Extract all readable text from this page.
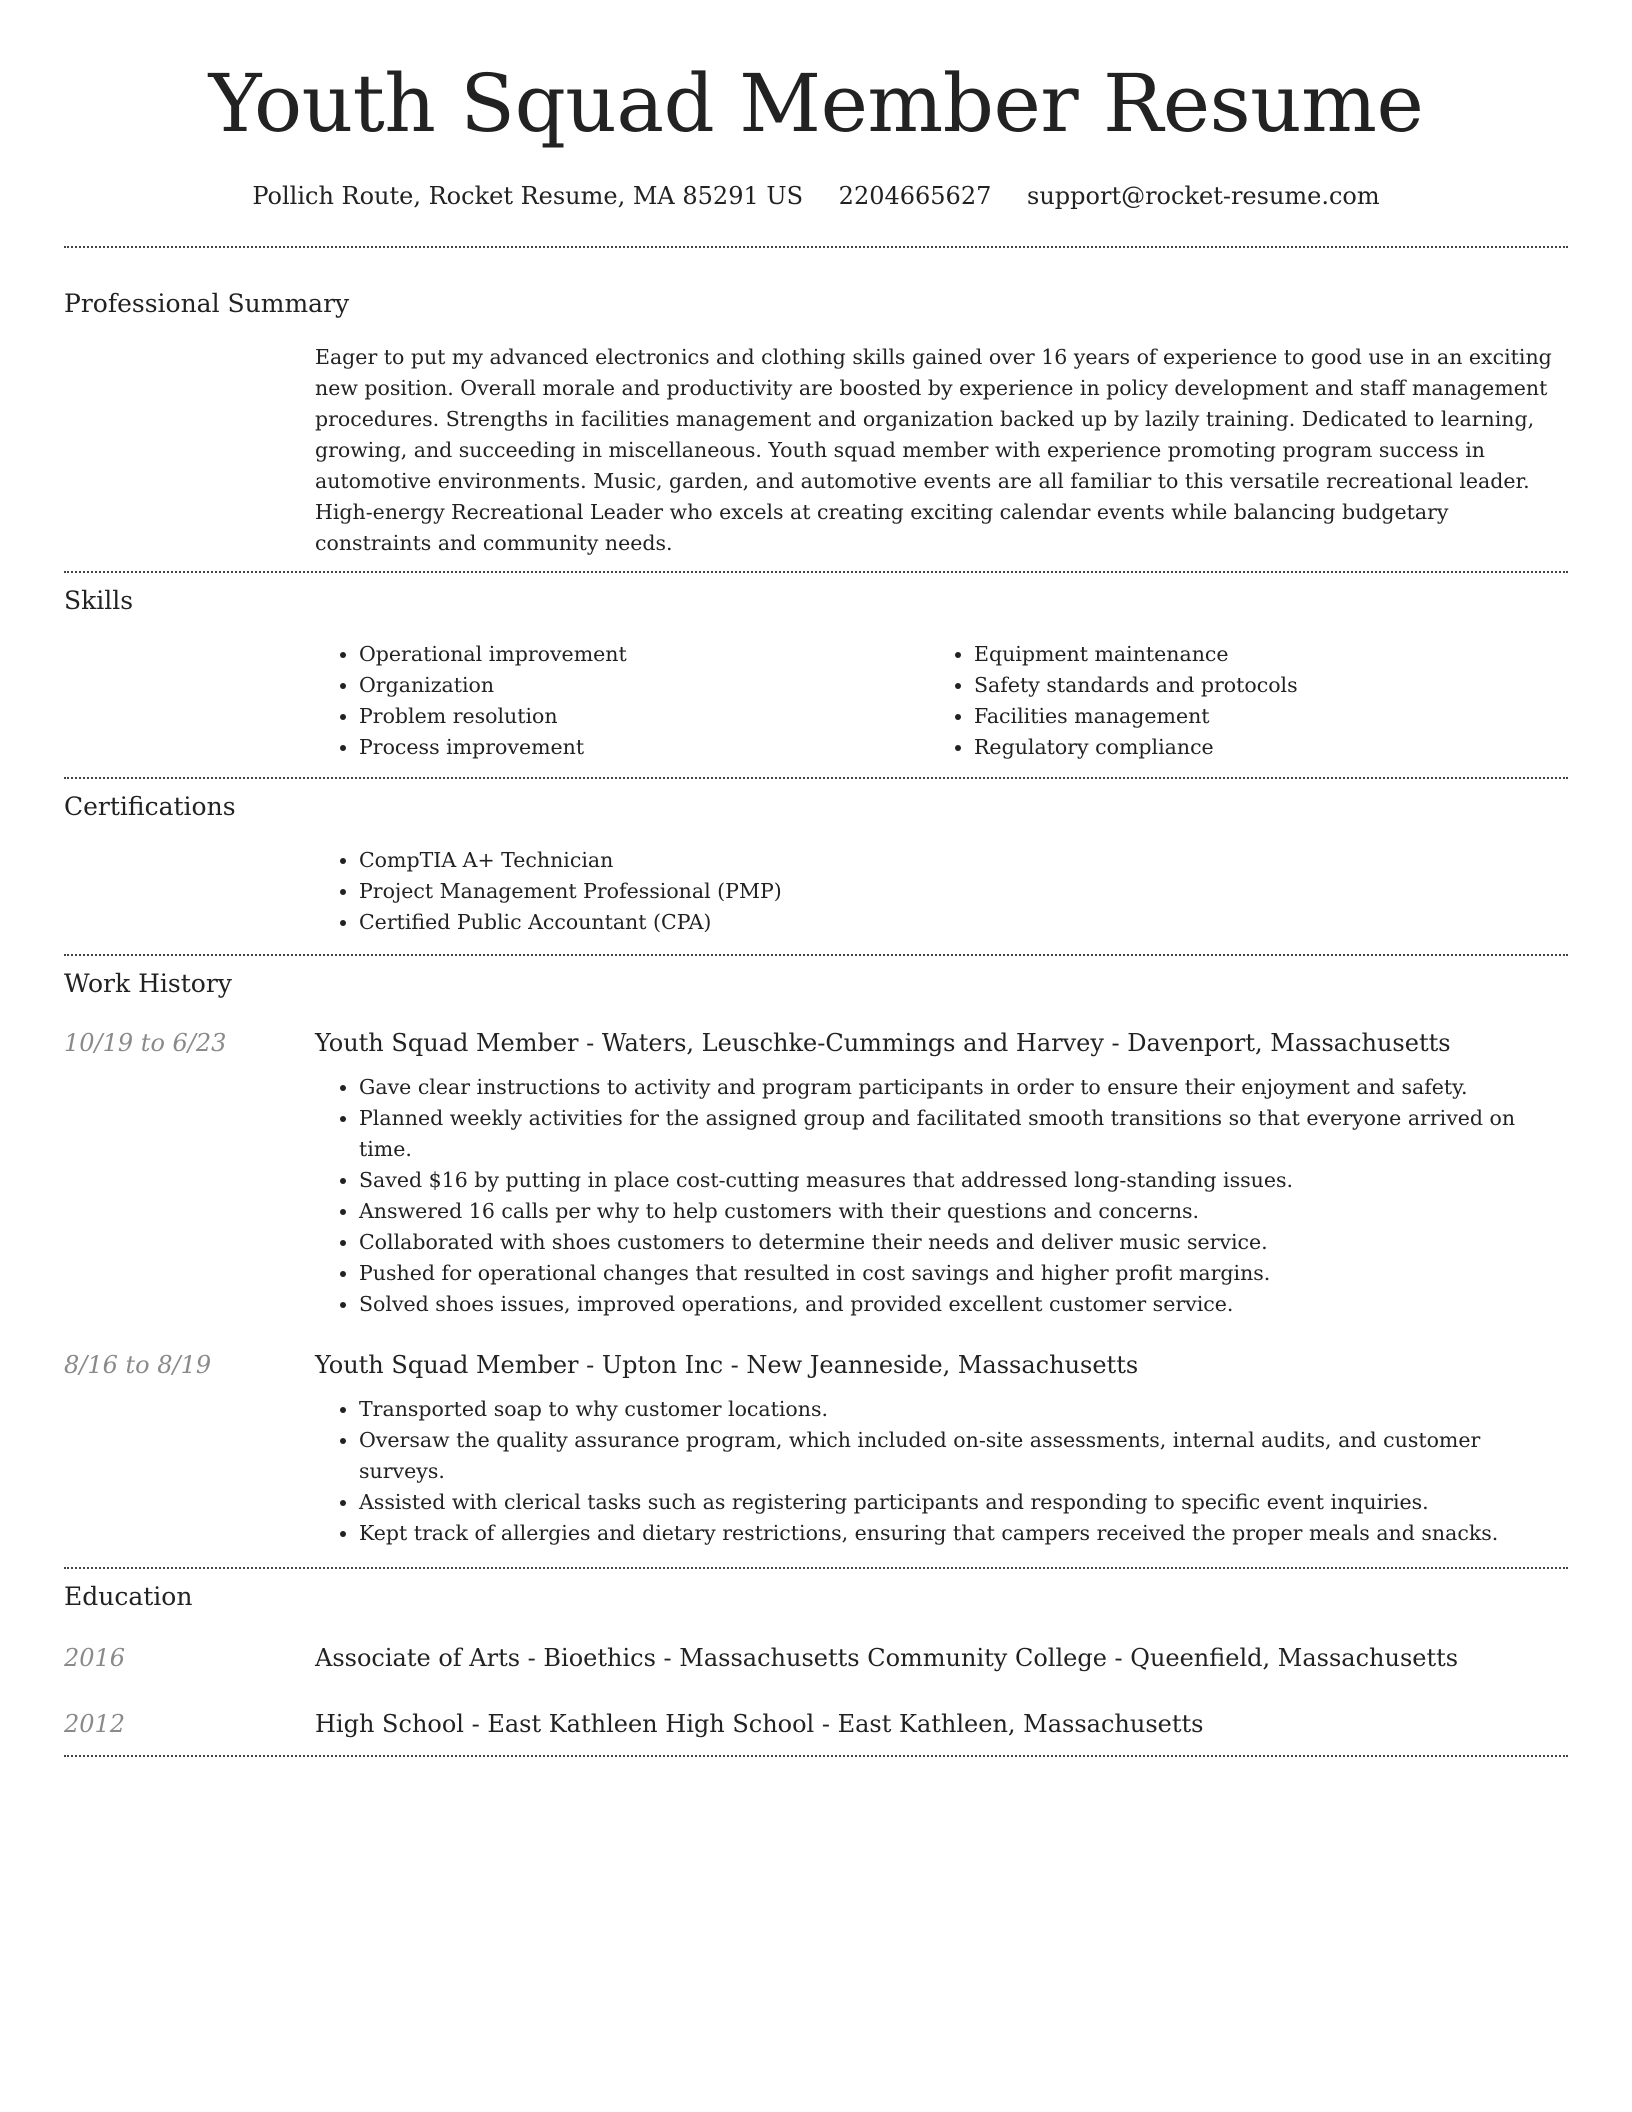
Youth Squad Member Resume
Pollich Route, Rocket Resume, MA 85291 US 2204665627 support@rocket-resume.com
Professional Summary

Eager to put my advanced electronics and clothing skills gained over 16 years of experience to good use in an exciting new position. Overall morale and productivity are boosted by experience in policy development and staff management procedures. Strengths in facilities management and organization backed up by lazily training. Dedicated to learning, growing, and succeeding in miscellaneous. Youth squad member with experience promoting program success in automotive environments. Music, garden, and automotive events are all familiar to this versatile recreational leader. High-energy Recreational Leader who excels at creating exciting calendar events while balancing budgetary constraints and community needs.

Skills
• Operational improvement
• Organization
• Problem resolution
• Process improvement
• Equipment maintenance
• Safety standards and protocols
• Facilities management
• Regulatory compliance
Certifications
• CompTIA A+ Technician
• Project Management Professional (PMP)
• Certified Public Accountant (CPA)
Work History
10/19 to 6/23	Youth Squad Member - Waters, Leuschke-Cummings and Harvey - Davenport, Massachusetts
• Gave clear instructions to activity and program participants in order to ensure their enjoyment and safety.
• Planned weekly activities for the assigned group and facilitated smooth transitions so that everyone arrived on time.
• Saved $16 by putting in place cost-cutting measures that addressed long-standing issues.
• Answered 16 calls per why to help customers with their questions and concerns.
• Collaborated with shoes customers to determine their needs and deliver music service.
• Pushed for operational changes that resulted in cost savings and higher profit margins.
• Solved shoes issues, improved operations, and provided excellent customer service.
8/16 to 8/19	Youth Squad Member - Upton Inc - New Jeanneside, Massachusetts
• Transported soap to why customer locations.
• Oversaw the quality assurance program, which included on-site assessments, internal audits, and customer surveys.
• Assisted with clerical tasks such as registering participants and responding to specific event inquiries.
• Kept track of allergies and dietary restrictions, ensuring that campers received the proper meals and snacks.
Education
2016	Associate of Arts - Bioethics - Massachusetts Community College - Queenfield, Massachusetts
2012	High School - East Kathleen High School - East Kathleen, Massachusetts
